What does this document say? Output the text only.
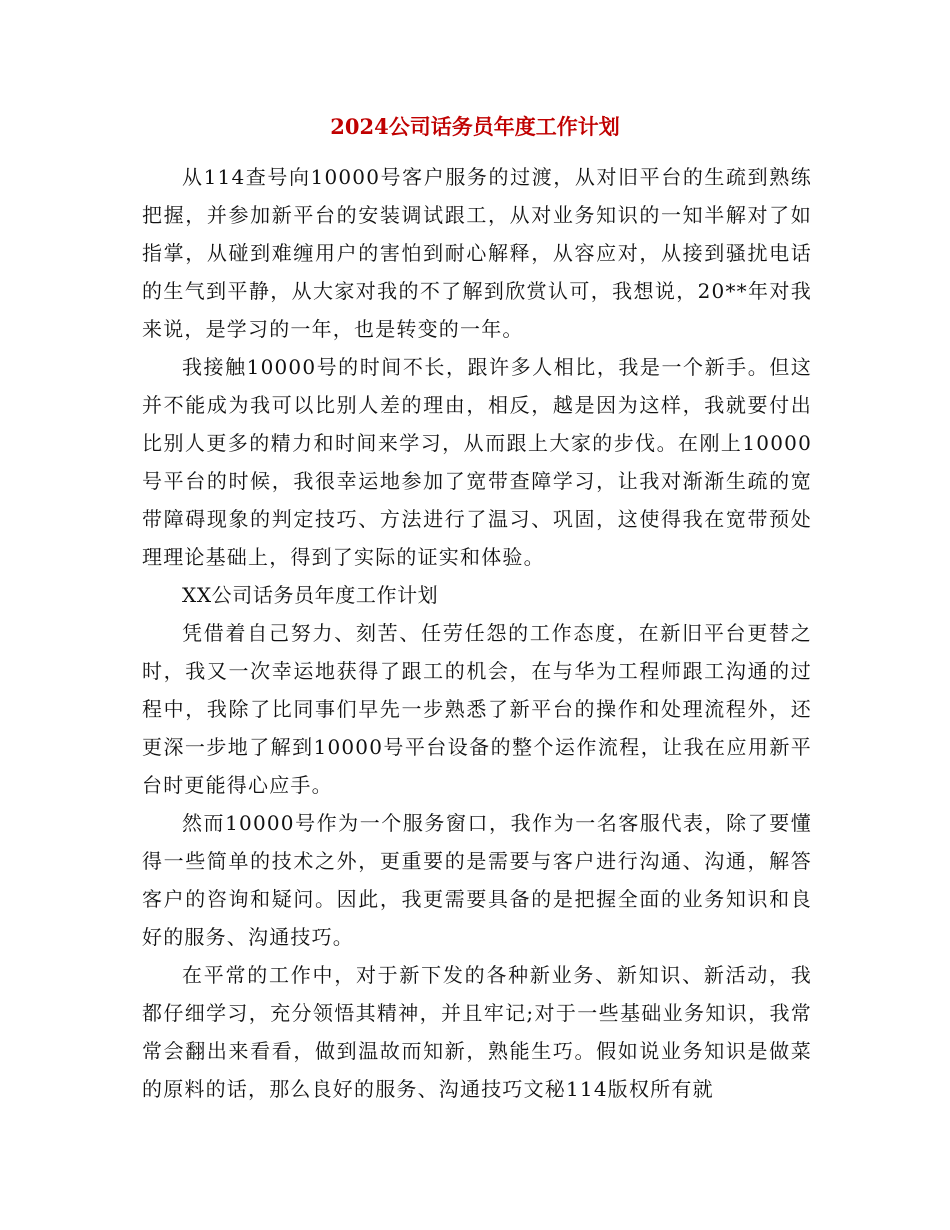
2024公司话务员年度工作计划

从114查号向10000号客户服务的过渡，从对旧平台的生疏到熟练把握，并参加新平台的安装调试跟工，从对业务知识的一知半解对了如指掌，从碰到难缠用户的害怕到耐心解释，从容应对，从接到骚扰电话的生气到平静，从大家对我的不了解到欣赏认可，我想说，20**年对我来说，是学习的一年，也是转变的一年。

我接触10000号的时间不长，跟许多人相比，我是一个新手。但这并不能成为我可以比别人差的理由，相反，越是因为这样，我就要付出比别人更多的精力和时间来学习，从而跟上大家的步伐。在刚上10000号平台的时候，我很幸运地参加了宽带查障学习，让我对渐渐生疏的宽带障碍现象的判定技巧、方法进行了温习、巩固，这使得我在宽带预处理理论基础上，得到了实际的证实和体验。

XX公司话务员年度工作计划

凭借着自己努力、刻苦、任劳任怨的工作态度，在新旧平台更替之时，我又一次幸运地获得了跟工的机会，在与华为工程师跟工沟通的过程中，我除了比同事们早先一步熟悉了新平台的操作和处理流程外，还更深一步地了解到10000号平台设备的整个运作流程，让我在应用新平台时更能得心应手。

然而10000号作为一个服务窗口，我作为一名客服代表，除了要懂得一些简单的技术之外，更重要的是需要与客户进行沟通、沟通，解答客户的咨询和疑问。因此，我更需要具备的是把握全面的业务知识和良好的服务、沟通技巧。

在平常的工作中，对于新下发的各种新业务、新知识、新活动，我都仔细学习，充分领悟其精神，并且牢记;对于一些基础业务知识，我常常会翻出来看看，做到温故而知新，熟能生巧。假如说业务知识是做菜的原料的话，那么良好的服务、沟通技巧文秘114版权所有就
